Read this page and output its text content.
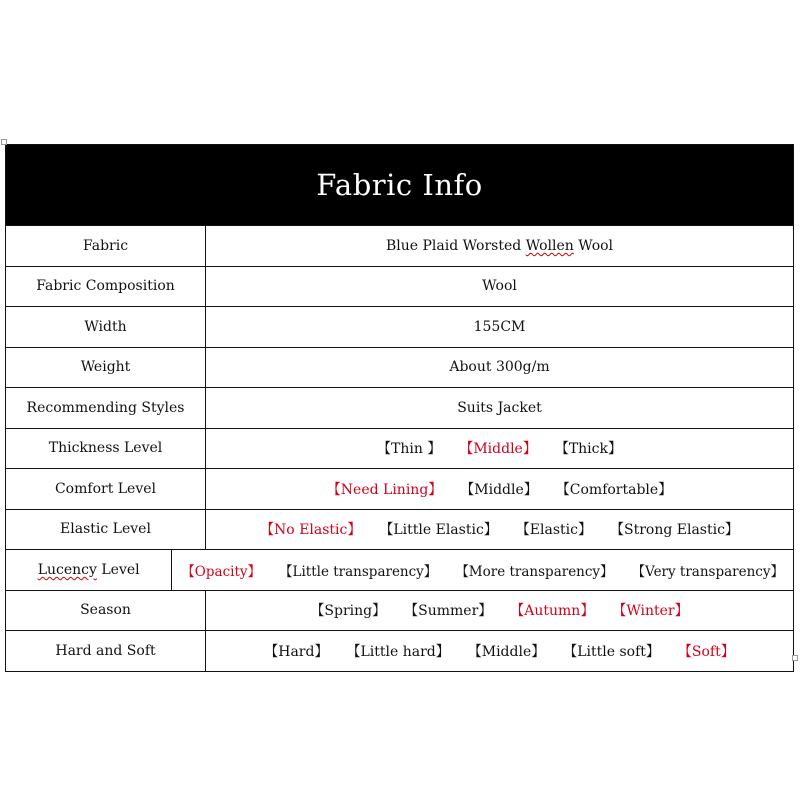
Fabric Info
Fabric	Blue Plaid Worsted Wollen Wool
Fabric Composition	Wool
Width	155CM
Weight	About 300g/m
Recommending Styles	Suits Jacket
Thickness Level	【Thin 】 【Middle】 【Thick】
Comfort Level	【Need Lining】 【Middle】 【Comfortable】
Elastic Level	【No Elastic】 【Little Elastic】 【Elastic】 【Strong Elastic】
Lucency Level	【Opacity】 【Little transparency】 【More transparency】 【Very transparency】
Season	【Spring】 【Summer】 【Autumn】 【Winter】
Hard and Soft	【Hard】 【Little hard】 【Middle】 【Little soft】 【Soft】
